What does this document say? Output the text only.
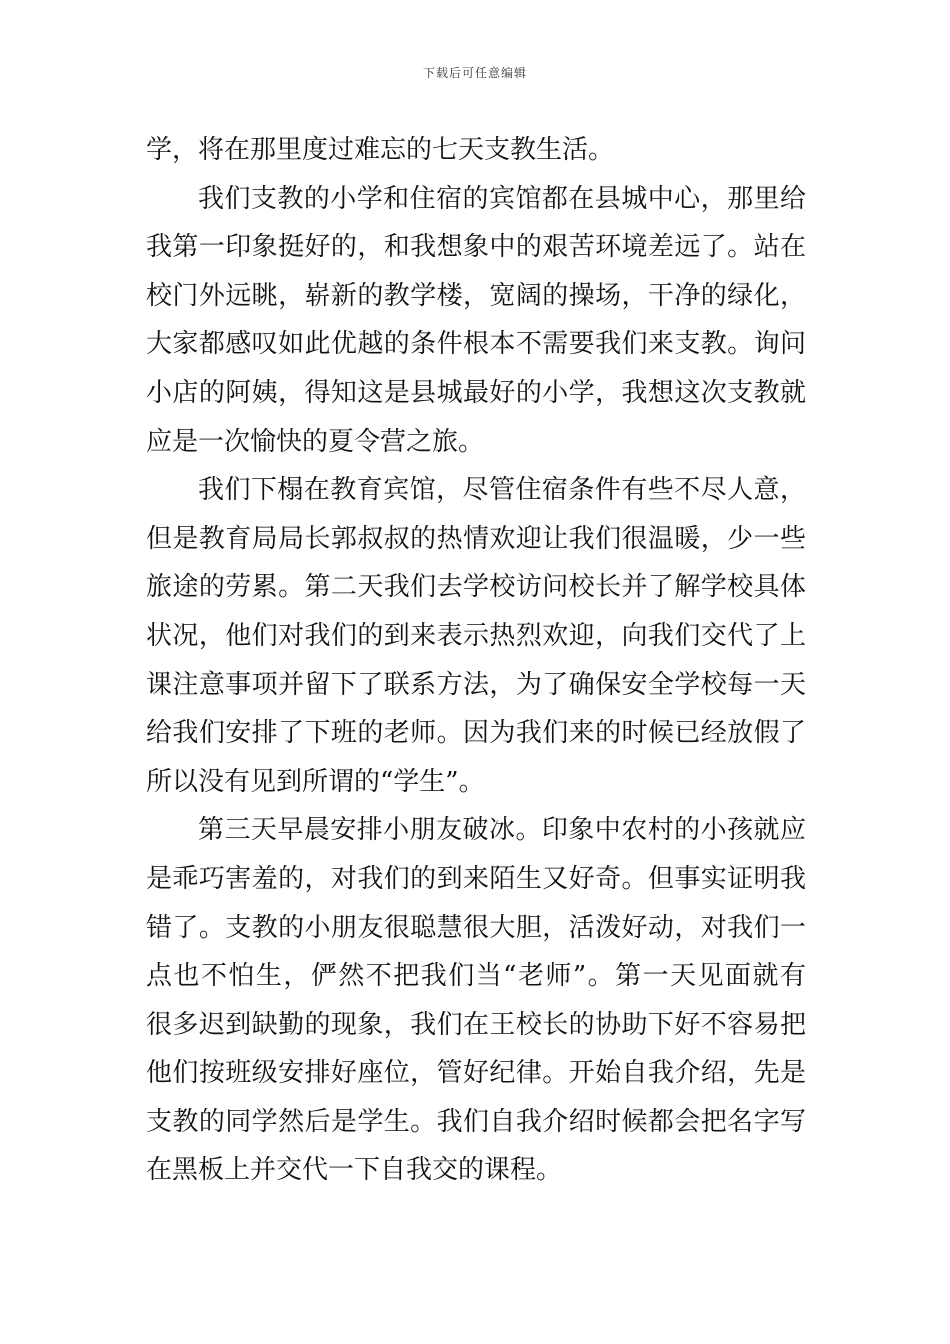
下载后可任意编辑
学，将在那里度过难忘的七天支教生活。
我们支教的小学和住宿的宾馆都在县城中心，那里给
我第一印象挺好的，和我想象中的艰苦环境差远了。站在
校门外远眺，崭新的教学楼，宽阔的操场，干净的绿化，
大家都感叹如此优越的条件根本不需要我们来支教。询问
小店的阿姨，得知这是县城最好的小学，我想这次支教就
应是一次愉快的夏令营之旅。
我们下榻在教育宾馆，尽管住宿条件有些不尽人意，
但是教育局局长郭叔叔的热情欢迎让我们很温暖，少一些
旅途的劳累。第二天我们去学校访问校长并了解学校具体
状况，他们对我们的到来表示热烈欢迎，向我们交代了上
课注意事项并留下了联系方法，为了确保安全学校每一天
给我们安排了下班的老师。因为我们来的时候已经放假了
所以没有见到所谓的“学生”。
第三天早晨安排小朋友破冰。印象中农村的小孩就应
是乖巧害羞的，对我们的到来陌生又好奇。但事实证明我
错了。支教的小朋友很聪慧很大胆，活泼好动，对我们一
点也不怕生，俨然不把我们当“老师”。第一天见面就有
很多迟到缺勤的现象，我们在王校长的协助下好不容易把
他们按班级安排好座位，管好纪律。开始自我介绍，先是
支教的同学然后是学生。我们自我介绍时候都会把名字写
在黑板上并交代一下自我交的课程。
